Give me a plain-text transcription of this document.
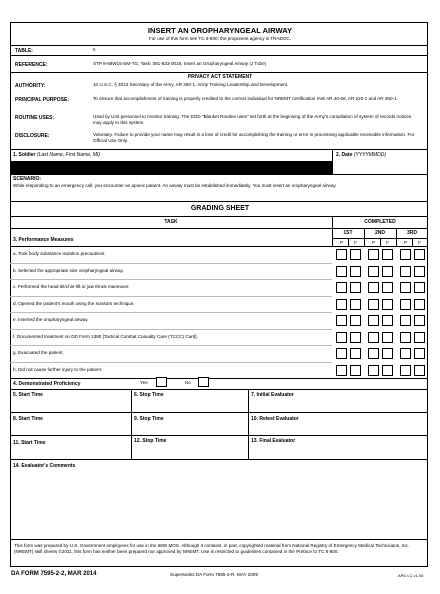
INSERT AN OROPHARYNGEAL AIRWAY
For use of this form see TC 8-800; the proponent agency is TRADOC.
TABLE:	II
REFERENCE:	STP 8-68W15-SM-TG, Task: 081-833-0016, Insert an Oropharyngeal Airway (J Tube)
PRIVACY ACT STATEMENT
AUTHORITY:	10 U.S.C. § 3013 Secretary of the Army, AR 350-1, Army Training Leadership and Development.
PRINCIPAL PURPOSE:	To ensure that accomplishment of training is properly credited to the correct individual for NREMT certification IAW AR 40-68, AR 220-1 and AR 350-1.
ROUTINE USES:	Used by Unit personnel to monitor training. The DOD "Blanket Routine uses" set forth at the beginning of the Army's compilation of system of records notices may apply to this system.
DISCLOSURE:	Voluntary. Failure to provide your name may result in a loss of credit for accomplishing the training or error in processing applicable receivable information. For Official Use Only.
1. Soldier (Last Name, First Name, MI)	2. Date (YYYYMMDD)
SCENARIO:
While responding to an emergency call, you encounter an apneic patient. An airway must be established immediately. You must insert an oropharyngeal airway.
GRADING SHEET
TASK	COMPLETED
1ST	2ND	3RD
3. Performance Measures	P	F	P	F	P	F
a. Took body substance isolation precautions.
b. Selected the appropriate size oropharyngeal airway.
c. Performed the head-tilt/chin-lift or jaw thrust maneuver.
d. Opened the patient's mouth using the scissors technique.
e. Inserted the oropharyngeal airway.
f. Documented treatment on DD Form 1380 [Tactical Combat Casualty Care (TCCC) Card].
g. Evacuated the patient.
h. Did not cause further injury to the patient.
4. Demonstrated Proficiency	Yes	No
5. Start Time	6. Stop Time	7. Initial Evaluator
8. Start Time	9. Stop Time	10. Retest Evaluator
11. Start Time	12. Stop Time	13. Final Evaluator
14. Evaluator's Comments
This form was prepared by U.S. Government employees for use in the 68W MOS. Although it contains, in part, copyrighted material from National Registry of Emergency Medical Technicians, Inc. (NREMT) skill sheets ©2011, this form has neither been prepared nor approved by NREMT. Use is restricted to guidelines contained in the Preface to TC 8-800.
DA FORM 7595-2-2, MAR 2014	Supersedes DA Form 7595-2-R, MAY 2009	APD LC v1.00
